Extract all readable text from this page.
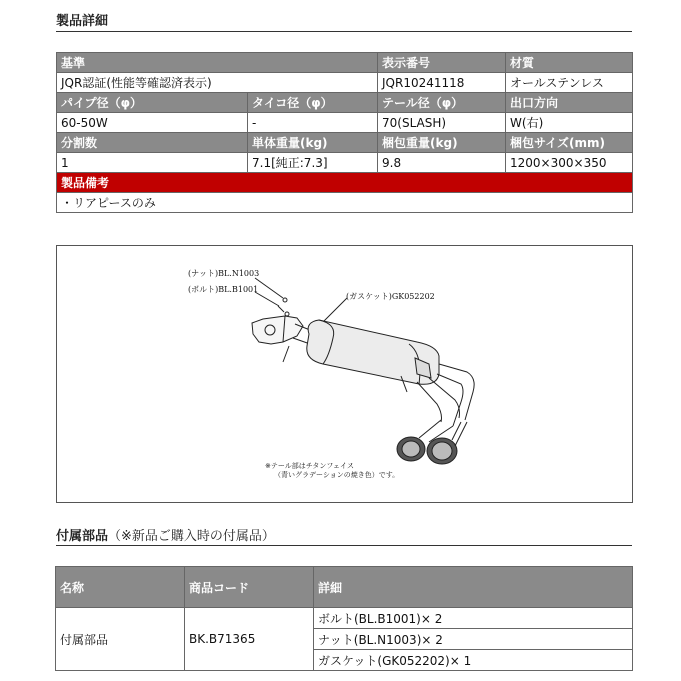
製品詳細
基準		表示番号	材質
JQR認証(性能等確認済表示)		JQR10241118	オールステンレス
パイプ径（φ）	タイコ径（φ）	テール径（φ）	出口方向
60-50W	-	70(SLASH)	W(右)
分割数	単体重量(kg)	梱包重量(kg)	梱包サイズ(mm)
1	7.1[純正:7.3]	9.8	1200×300×350
製品備考			
・リアピースのみ			
(ナット)BL.N1003
(ボルト)BL.B1001
(ガスケット)GK052202
※テール部はチタンフェイス
（青いグラデーションの焼き色）です。
付属部品（※新品ご購入時の付属品）
名称	商品コード	詳細
付属部品	BK.B71365	ボルト(BL.B1001)× 2
		ナット(BL.N1003)× 2
		ガスケット(GK052202)× 1
